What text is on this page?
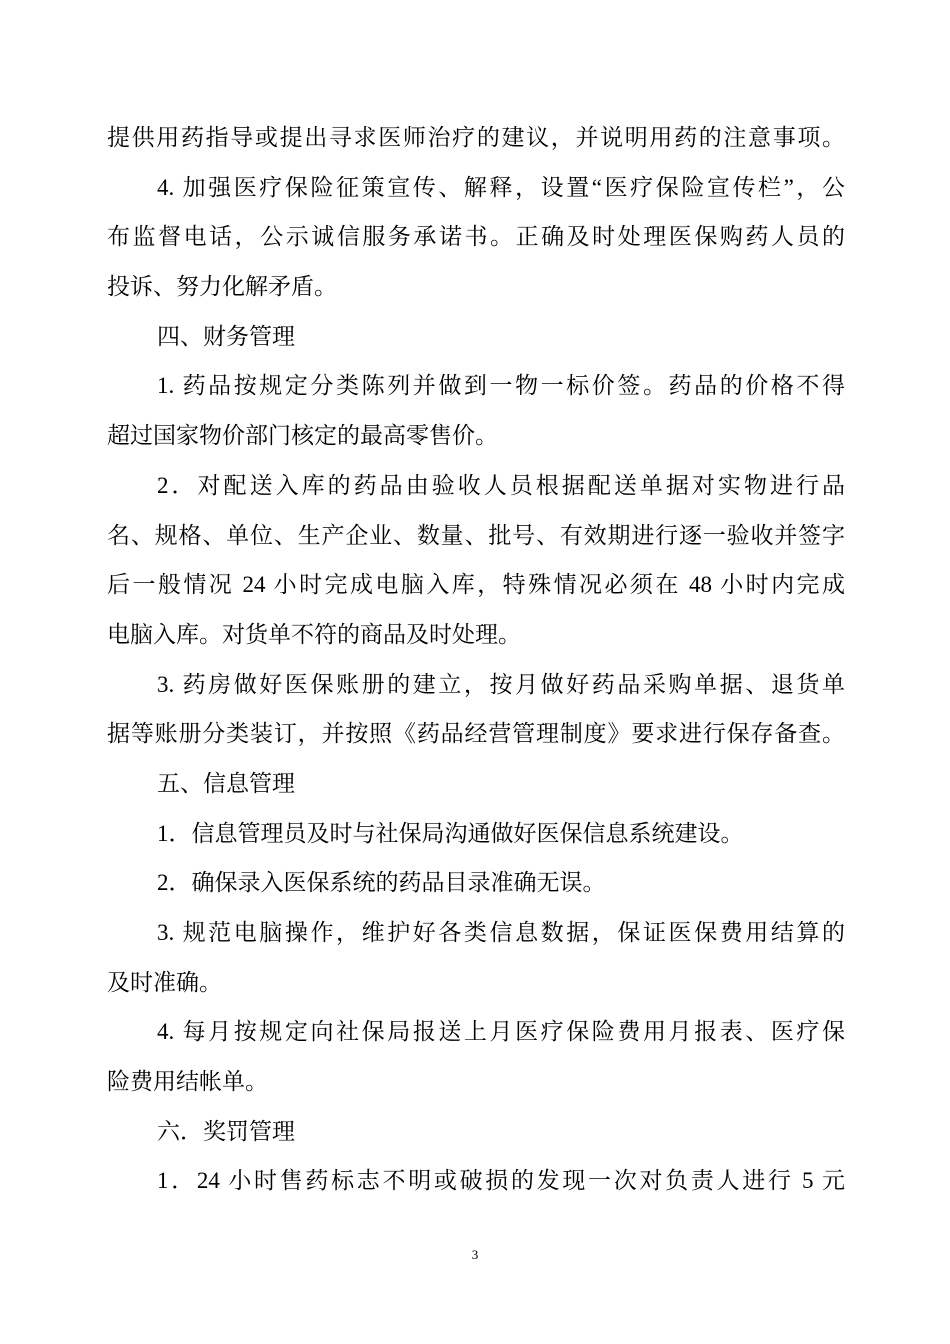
提供用药指导或提出寻求医师治疗的建议，并说明用药的注意事项。
4. 加强医疗保险征策宣传、解释，设置“医疗保险宣传栏”，公
布监督电话，公示诚信服务承诺书。正确及时处理医保购药人员的
投诉、努力化解矛盾。
四、财务管理
1. 药品按规定分类陈列并做到一物一标价签。药品的价格不得
超过国家物价部门核定的最高零售价。
2．对配送入库的药品由验收人员根据配送单据对实物进行品
名、规格、单位、生产企业、数量、批号、有效期进行逐一验收并签字
后一般情况 24 小时完成电脑入库，特殊情况必须在 48 小时内完成
电脑入库。对货单不符的商品及时处理。
3. 药房做好医保账册的建立，按月做好药品采购单据、退货单
据等账册分类装订，并按照《药品经营管理制度》要求进行保存备查。
五、信息管理
1．信息管理员及时与社保局沟通做好医保信息系统建设。
2．确保录入医保系统的药品目录准确无误。
3. 规范电脑操作，维护好各类信息数据，保证医保费用结算的
及时准确。
4. 每月按规定向社保局报送上月医疗保险费用月报表、医疗保
险费用结帐单。
六．奖罚管理
1．24 小时售药标志不明或破损的发现一次对负责人进行 5 元
3
